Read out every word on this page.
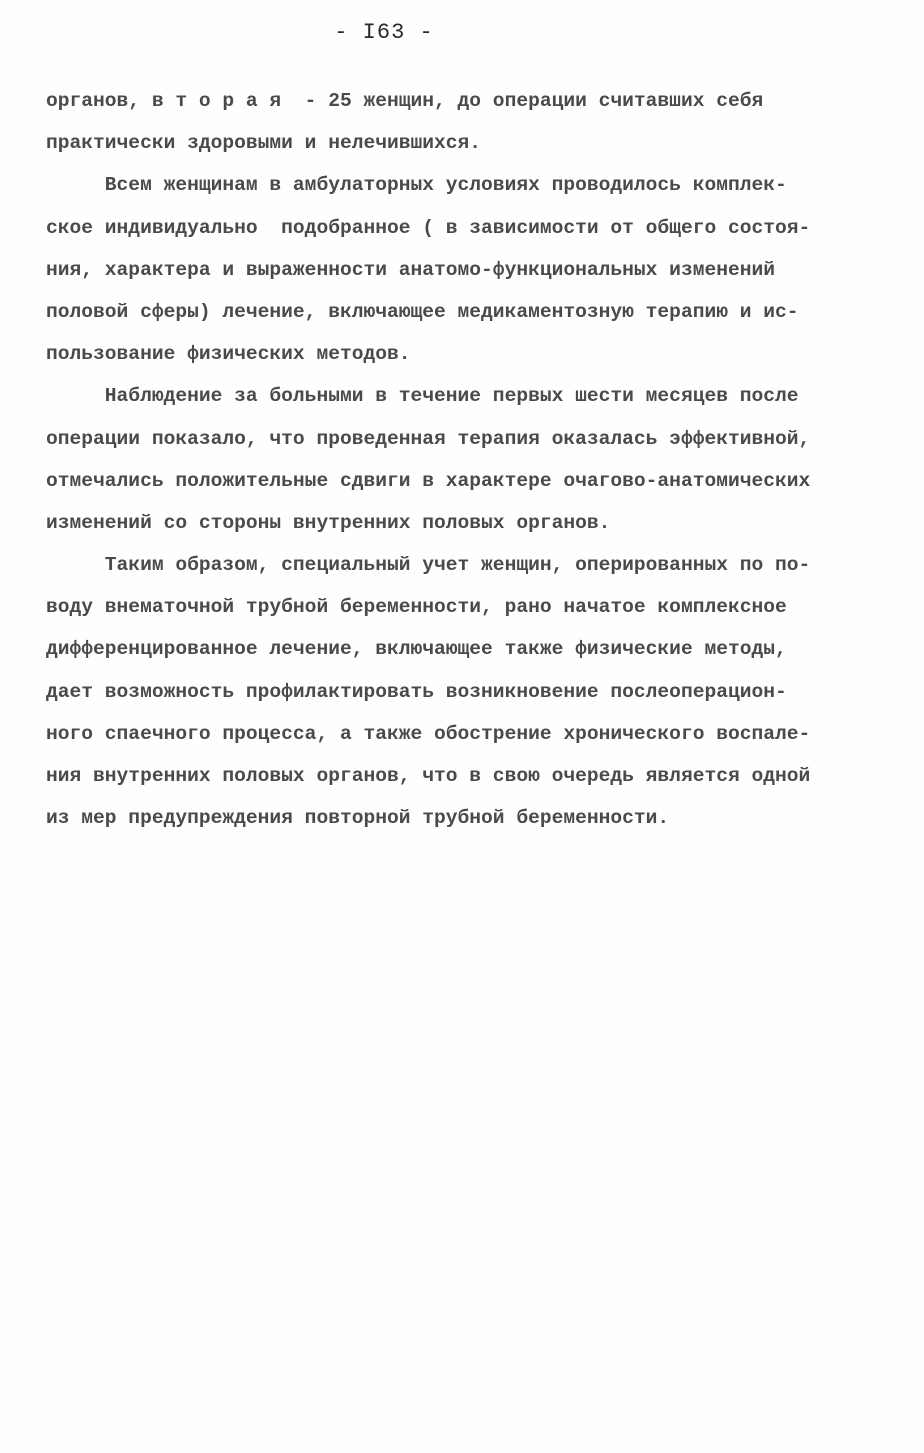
- I63 -
органов, в т о р а я  - 25 женщин, до операции считавших себя
практически здоровыми и нелечившихся.
Всем женщинам в амбулаторных условиях проводилось комплек-
ское индивидуально  подобранное ( в зависимости от общего состоя-
ния, характера и выраженности анатомо-функциональных изменений
половой сферы) лечение, включающее медикаментозную терапию и ис-
пользование физических методов.
Наблюдение за больными в течение первых шести месяцев после
операции показало, что проведенная терапия оказалась эффективной,
отмечались положительные сдвиги в характере очагово-анатомических
изменений со стороны внутренних половых органов.
Таким образом, специальный учет женщин, оперированных по по-
воду внематочной трубной беременности, рано начатое комплексное
дифференцированное лечение, включающее также физические методы,
дает возможность профилактировать возникновение послеоперацион-
ного спаечного процесса, а также обострение хронического воспале-
ния внутренних половых органов, что в свою очередь является одной
из мер предупреждения повторной трубной беременности.
